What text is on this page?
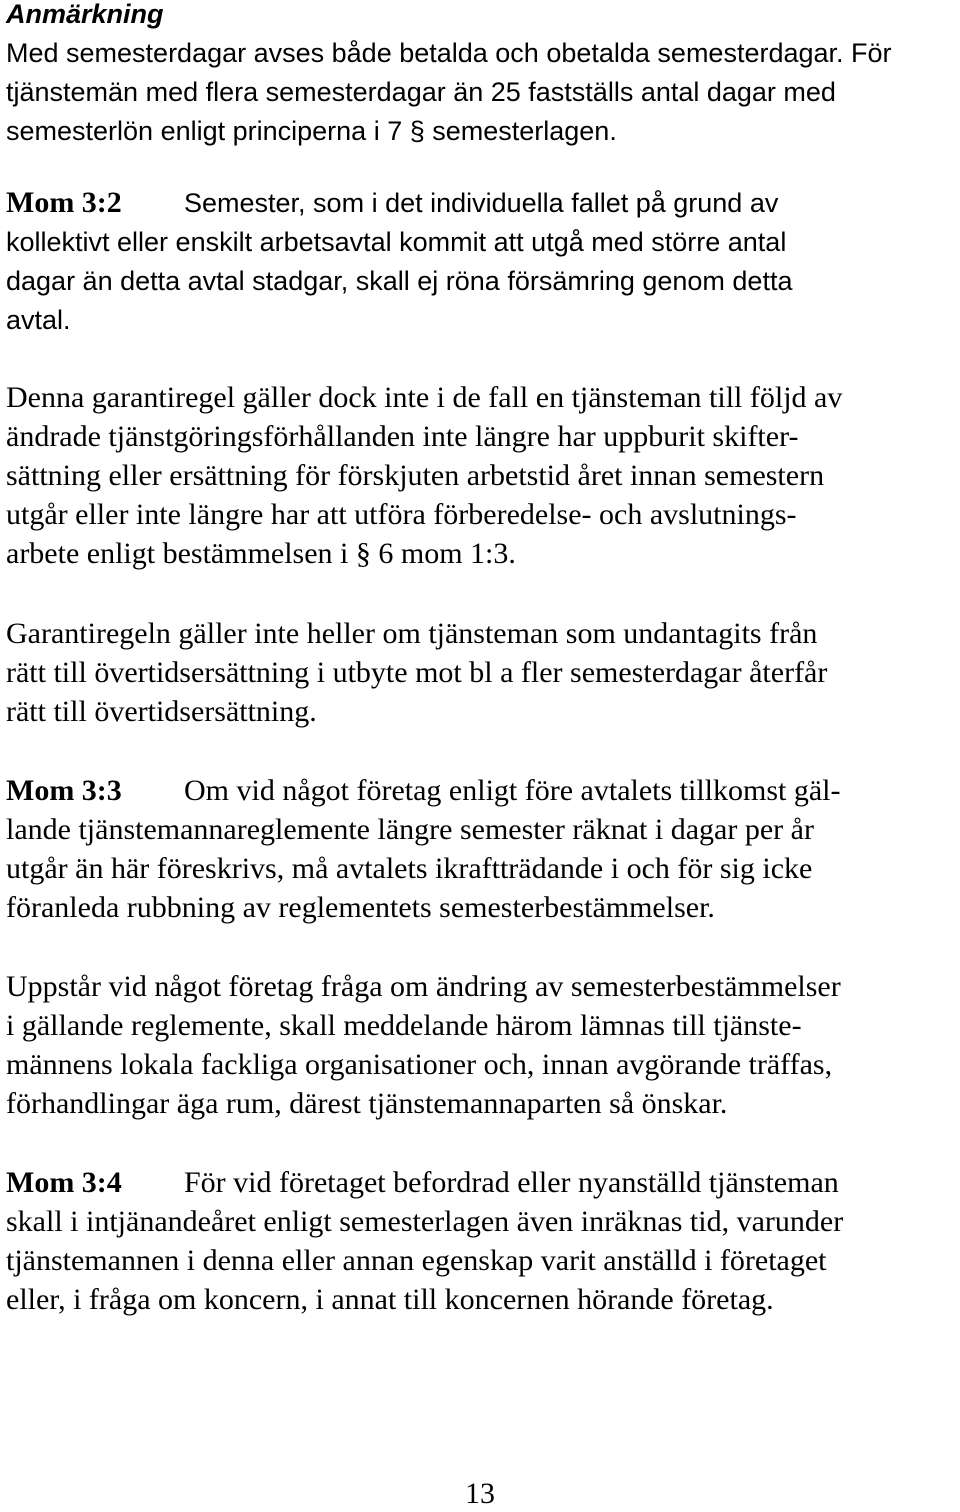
Anmärkning
Med semesterdagar avses både betalda och obetalda semesterdagar. För
tjänstemän med flera semesterdagar än 25 fastställs antal dagar med
semesterlön enligt principerna i 7 § semesterlagen.
Mom 3:2 Semester, som i det individuella fallet på grund av
kollektivt eller enskilt arbetsavtal kommit att utgå med större antal
dagar än detta avtal stadgar, skall ej röna försämring genom detta
avtal.
Denna garantiregel gäller dock inte i de fall en tjänsteman till följd av
ändrade tjänstgöringsförhållanden inte längre har uppburit skifter-
sättning eller ersättning för förskjuten arbetstid året innan semestern
utgår eller inte längre har att utföra förberedelse- och avslutnings-
arbete enligt bestämmelsen i § 6 mom 1:3.
Garantiregeln gäller inte heller om tjänsteman som undantagits från
rätt till övertidsersättning i utbyte mot bl a fler semesterdagar återfår
rätt till övertidsersättning.
Mom 3:3 Om vid något företag enligt före avtalets tillkomst gäl-
lande tjänstemannareglemente längre semester räknat i dagar per år
utgår än här föreskrivs, må avtalets ikraftträdande i och för sig icke
föranleda rubbning av reglementets semesterbestämmelser.
Uppstår vid något företag fråga om ändring av semesterbestämmelser
i gällande reglemente, skall meddelande härom lämnas till tjänste-
männens lokala fackliga organisationer och, innan avgörande träffas,
förhandlingar äga rum, därest tjänstemannaparten så önskar.
Mom 3:4 För vid företaget befordrad eller nyanställd tjänsteman
skall i intjänandeåret enligt semesterlagen även inräknas tid, varunder
tjänstemannen i denna eller annan egenskap varit anställd i företaget
eller, i fråga om koncern, i annat till koncernen hörande företag.
13
